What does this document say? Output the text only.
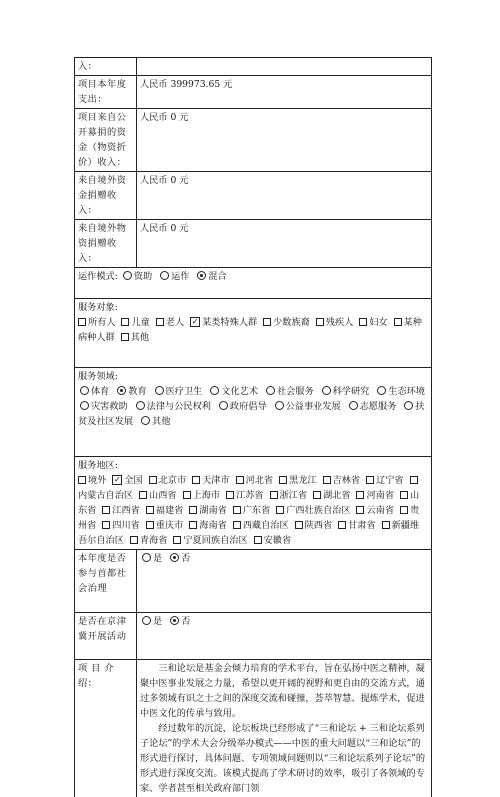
入：
项目本年度支出：
人民币 399973.65 元
项目来自公开募捐的资金（物资折价）收入：
人民币 0 元
来自境外资金捐赠收入：
人民币 0 元
来自境外物资捐赠收入：
人民币 0 元
运作模式: 资助 运作 混合
服务对象:
所有人 儿童 老人 ✓ 某类特殊人群 少数族裔 残疾人 妇女 某种病种人群 其他
服务领域:
体育 教育 医疗卫生 文化艺术 社会服务 科学研究 生态环境 灾害救助 法律与公民权利 政府倡导 公益事业发展 志愿服务 扶贫及社区发展 其他
服务地区:
境外 ✓ 全国 北京市 天津市 河北省 黑龙江 吉林省 辽宁省 内蒙古自治区 山西省 上海市 江苏省 浙江省 湖北省 河南省 山东省 江西省 福建省 湖南省 广东省 广西壮族自治区 云南省 贵州省 四川省 重庆市 海南省 西藏自治区 陕西省 甘肃省 新疆维吾尔自治区 青海省 宁夏回族自治区 安徽省
本年度是否参与首都社会治理
是 否
是否在京津冀开展活动
是 否
项 目 介绍：

三和论坛是基金会倾力培育的学术平台，旨在弘扬中医之精神，凝聚中医事业发展之力量，希望以更开阔的视野和更自由的交流方式，通过多领域有识之士之间的深度交流和碰撞，荟萃智慧、提炼学术，促进中医文化的传承与致用。

经过数年的沉淀，论坛板块已经形成了“三和论坛 + 三和论坛系列子论坛”的学术大会分级举办模式——中医的重大问题以“三和论坛”的形式进行探讨，具体问题、专项领域问题则以“三和论坛系列子论坛”的形式进行深度交流。该模式提高了学术研讨的效率，吸引了各领域的专家、学者甚至相关政府部门领
